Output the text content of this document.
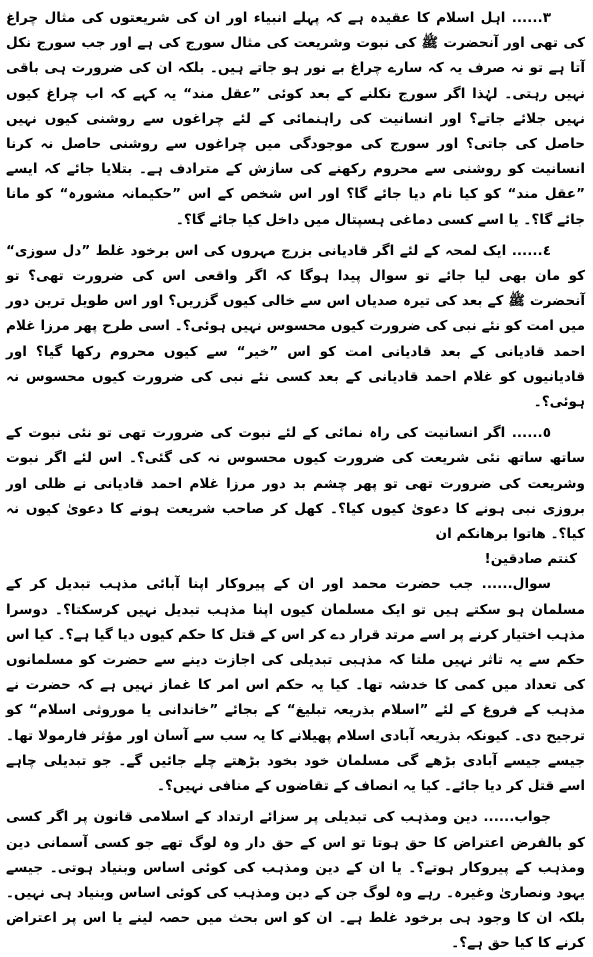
٣...... اہل اسلام کا عقیدہ ہے کہ پہلے انبیاء اور ان کی شریعتوں کی مثال چراغ کی تھی اور آنحضرت ﷺ کی نبوت وشریعت کی مثال سورج کی ہے اور جب سورج نکل آتا ہے تو نہ صرف یہ کہ سارے چراغ بے نور ہو جاتے ہیں۔ بلکہ ان کی ضرورت ہی باقی نہیں رہتی۔ لہٰذا اگر سورج نکلنے کے بعد کوئی ”عقل مند“ یہ کہے کہ اب چراغ کیوں نہیں جلائے جاتے؟ اور انسانیت کی راہنمائی کے لئے چراغوں سے روشنی کیوں نہیں حاصل کی جاتی؟ اور سورج کی موجودگی میں چراغوں سے روشنی حاصل نہ کرنا انسانیت کو روشنی سے محروم رکھنے کی سازش کے مترادف ہے۔ بتلایا جائے کہ ایسے ”عقل مند“ کو کیا نام دیا جائے گا؟ اور اس شخص کے اس ”حکیمانہ مشورہ“ کو مانا جائے گا؟۔ یا اسے کسی دماغی ہسپتال میں داخل کیا جائے گا؟۔

٤...... ایک لمحہ کے لئے اگر قادیانی بزرج مہروں کی اس برخود غلط ”دل سوزی“ کو مان بھی لیا جائے تو سوال پیدا ہوگا کہ اگر واقعی اس کی ضرورت تھی؟ تو آنحضرت ﷺ کے بعد کی تیرہ صدیاں اس سے خالی کیوں گزریں؟ اور اس طویل ترین دور میں امت کو نئے نبی کی ضرورت کیوں محسوس نہیں ہوئی؟۔ اسی طرح پھر مرزا غلام احمد قادیانی کے بعد قادیانی امت کو اس ”خیر“ سے کیوں محروم رکھا گیا؟ اور قادیانیوں کو غلام احمد قادیانی کے بعد کسی نئے نبی کی ضرورت کیوں محسوس نہ ہوئی؟۔

٥...... اگر انسانیت کی راہ نمائی کے لئے نبوت کی ضرورت تھی تو نئی نبوت کے ساتھ ساتھ نئی شریعت کی ضرورت کیوں محسوس نہ کی گئی؟۔ اس لئے اگر نبوت وشریعت کی ضرورت تھی تو پھر چشم بد دور مرزا غلام احمد قادیانی نے ظلی اور بروزی نبی ہونے کا دعویٰ کیوں کیا؟۔ کھل کر صاحب شریعت ہونے کا دعویٰ کیوں نہ کیا؟۔ ھاتوا برھانکم ان

کنتم صادقین!

سوال...... جب حضرت محمد اور ان کے پیروکار اپنا آبائی مذہب تبدیل کر کے مسلمان ہو سکتے ہیں تو ایک مسلمان کیوں اپنا مذہب تبدیل نہیں کرسکتا؟۔ دوسرا مذہب اختیار کرنے پر اسے مرتد قرار دے کر اس کے قتل کا حکم کیوں دیا گیا ہے؟۔ کیا اس حکم سے یہ تاثر نہیں ملتا کہ مذہبی تبدیلی کی اجازت دینے سے حضرت کو مسلمانوں کی تعداد میں کمی کا خدشہ تھا۔ کیا یہ حکم اس امر کا غماز نہیں ہے کہ حضرت نے مذہب کے فروغ کے لئے ”اسلام بذریعہ تبلیغ“ کے بجائے ”خاندانی یا موروثی اسلام“ کو ترجیح دی۔ کیونکہ بذریعہ آبادی اسلام پھیلانے کا یہ سب سے آسان اور مؤثر فارمولا تھا۔ جیسے جیسے آبادی بڑھے گی مسلمان خود بخود بڑھتے چلے جائیں گے۔ جو تبدیلی چاہے اسے قتل کر دیا جائے۔ کیا یہ انصاف کے تقاضوں کے منافی نہیں؟۔

جواب...... دین ومذہب کی تبدیلی پر سزائے ارتداد کے اسلامی قانون پر اگر کسی کو بالفرض اعتراض کا حق ہوتا تو اس کے حق دار وہ لوگ تھے جو کسی آسمانی دین ومذہب کے پیروکار ہوتے؟۔ یا ان کے دین ومذہب کی کوئی اساس وبنیاد ہوتی۔ جیسے یہود ونصاریٰ وغیرہ۔ رہے وہ لوگ جن کے دین ومذہب کی کوئی اساس وبنیاد ہی نہیں۔ بلکہ ان کا وجود ہی برخود غلط ہے۔ ان کو اس بحث میں حصہ لینے یا اس پر اعتراض کرنے کا کیا حق ہے؟۔
